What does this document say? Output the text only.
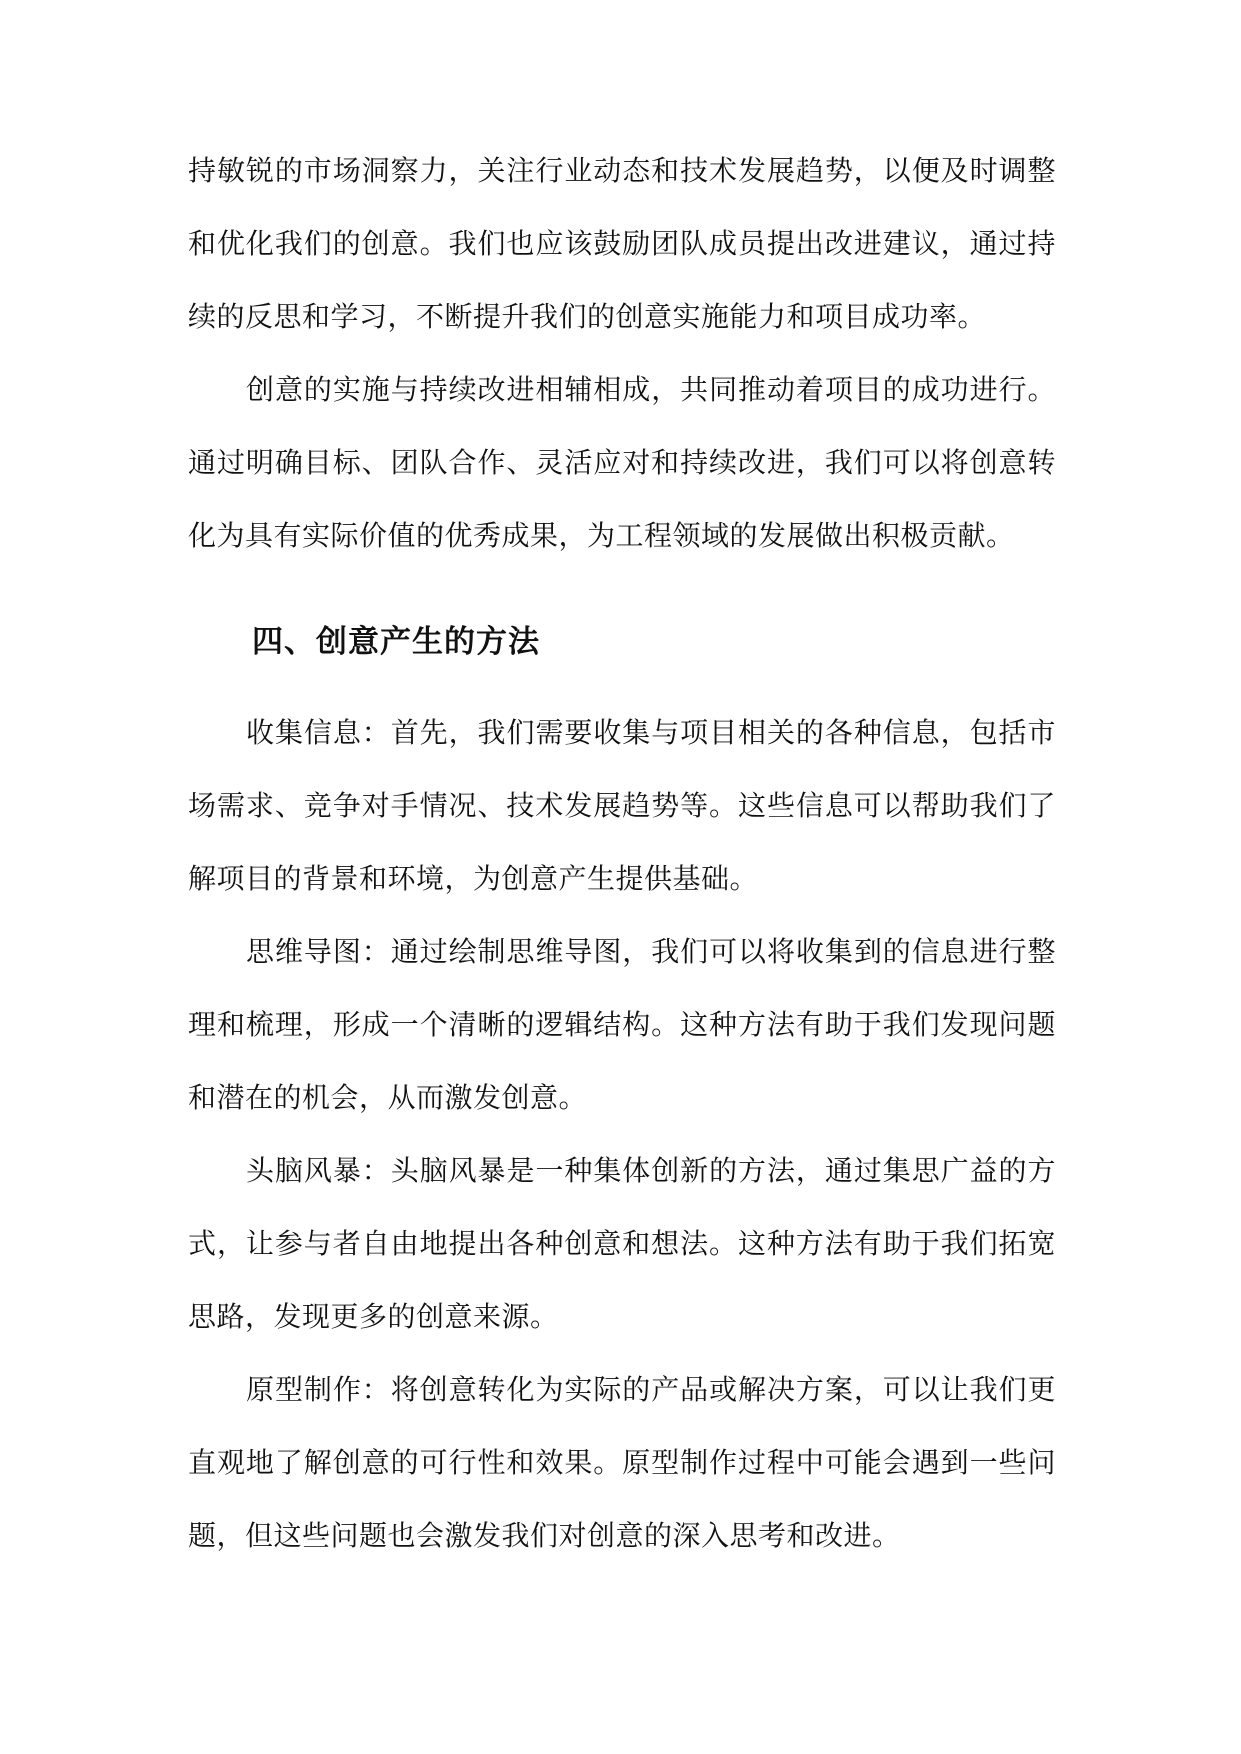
持敏锐的市场洞察力，关注行业动态和技术发展趋势，以便及时调整和优化我们的创意。我们也应该鼓励团队成员提出改进建议，通过持续的反思和学习，不断提升我们的创意实施能力和项目成功率。

创意的实施与持续改进相辅相成，共同推动着项目的成功进行。通过明确目标、团队合作、灵活应对和持续改进，我们可以将创意转化为具有实际价值的优秀成果，为工程领域的发展做出积极贡献。

四、创意产生的方法

收集信息：首先，我们需要收集与项目相关的各种信息，包括市场需求、竞争对手情况、技术发展趋势等。这些信息可以帮助我们了解项目的背景和环境，为创意产生提供基础。

思维导图：通过绘制思维导图，我们可以将收集到的信息进行整理和梳理，形成一个清晰的逻辑结构。这种方法有助于我们发现问题和潜在的机会，从而激发创意。

头脑风暴：头脑风暴是一种集体创新的方法，通过集思广益的方式，让参与者自由地提出各种创意和想法。这种方法有助于我们拓宽思路，发现更多的创意来源。

原型制作：将创意转化为实际的产品或解决方案，可以让我们更直观地了解创意的可行性和效果。原型制作过程中可能会遇到一些问题，但这些问题也会激发我们对创意的深入思考和改进。
